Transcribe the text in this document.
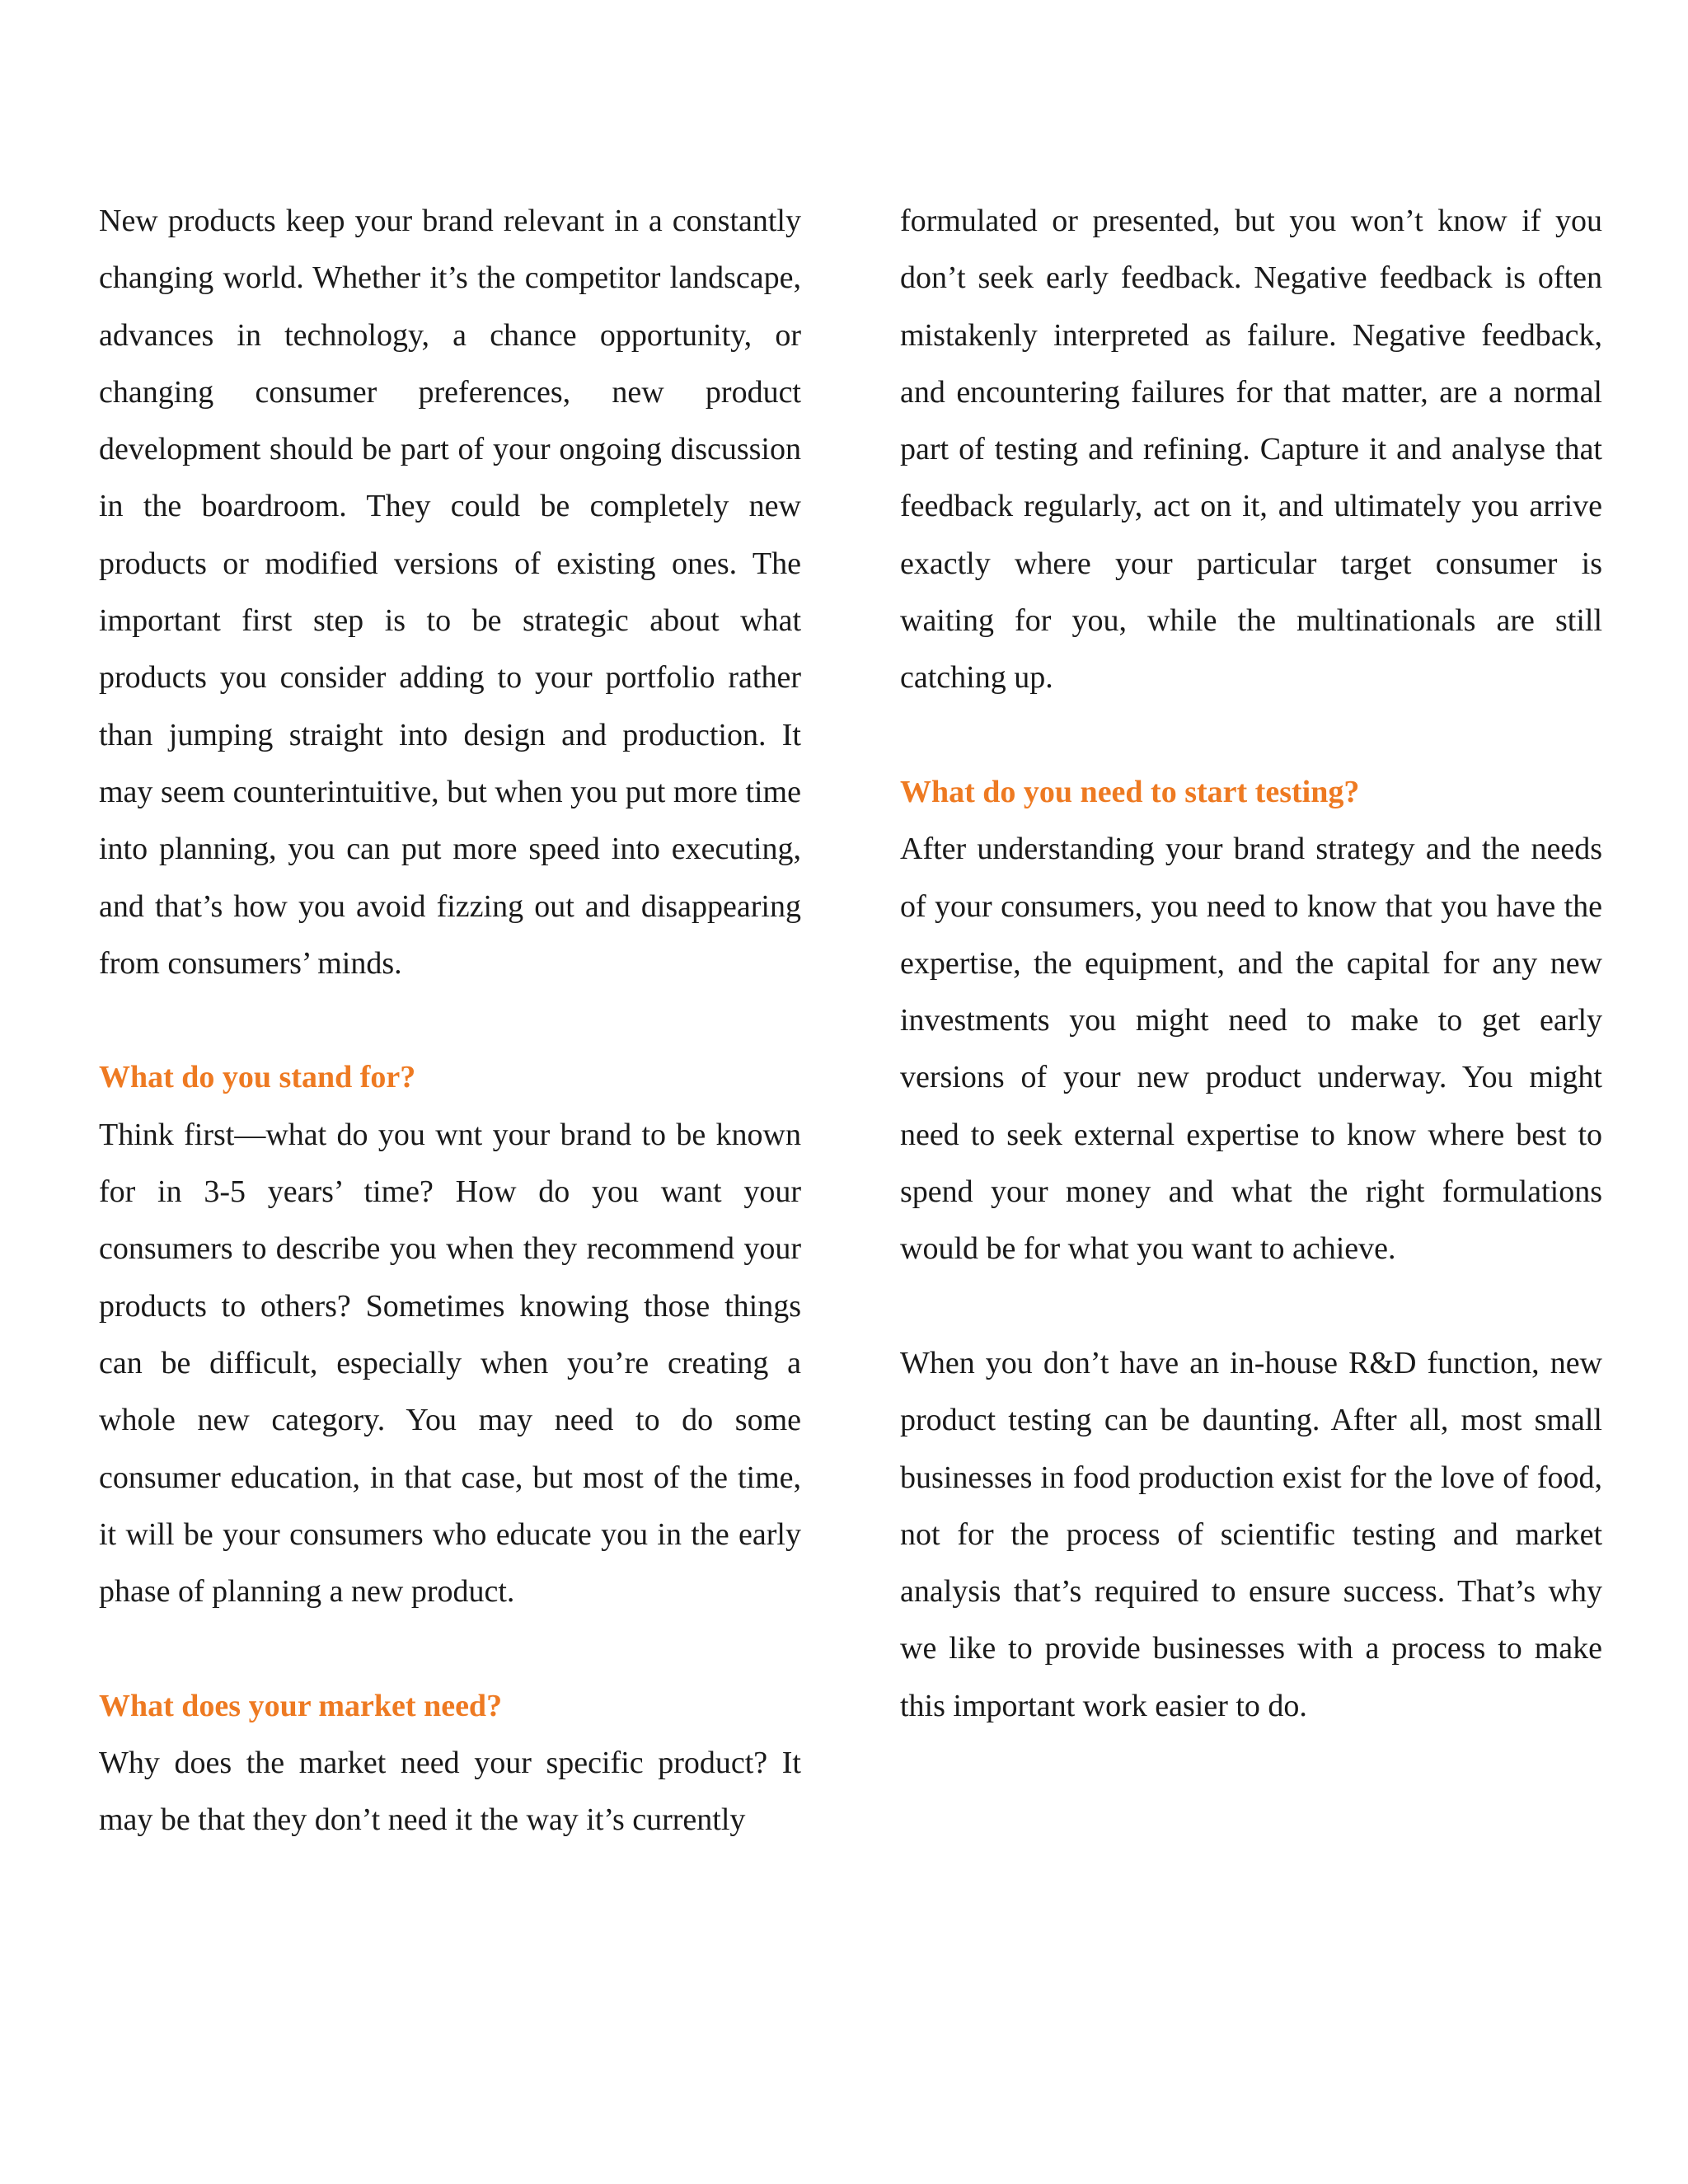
New products keep your brand relevant in a constantly changing world. Whether it’s the competitor landscape, advances in technology, a chance opportunity, or changing consumer preferences, new product development should be part of your ongoing discussion in the boardroom. They could be completely new products or modified versions of existing ones. The important first step is to be strategic about what products you consider adding to your portfolio rather than jumping straight into design and production. It may seem counterintuitive, but when you put more time into planning, you can put more speed into executing, and that’s how you avoid fizzing out and disappearing from consumers’ minds.

What do you stand for?

Think first—what do you wnt your brand to be known for in 3-5 years’ time? How do you want your consumers to describe you when they recommend your products to others? Sometimes knowing those things can be difficult, especially when you’re creating a whole new category. You may need to do some consumer education, in that case, but most of the time, it will be your consumers who educate you in the early phase of planning a new product.

What does your market need?

Why does the market need your specific product? It may be that they don’t need it the way it’s currently

formulated or presented, but you won’t know if you don’t seek early feedback. Negative feedback is often mistakenly interpreted as failure. Negative feedback, and encountering failures for that matter, are a normal part of testing and refining. Capture it and analyse that feedback regularly, act on it, and ultimately you arrive exactly where your particular target consumer is waiting for you, while the multinationals are still catching up.

What do you need to start testing?

After understanding your brand strategy and the needs of your consumers, you need to know that you have the expertise, the equipment, and the capital for any new investments you might need to make to get early versions of your new product underway. You might need to seek external expertise to know where best to spend your money and what the right formulations would be for what you want to achieve.

When you don’t have an in-house R&D function, new product testing can be daunting. After all, most small businesses in food production exist for the love of food, not for the process of scientific testing and market analysis that’s required to ensure success. That’s why we like to provide businesses with a process to make this important work easier to do.
